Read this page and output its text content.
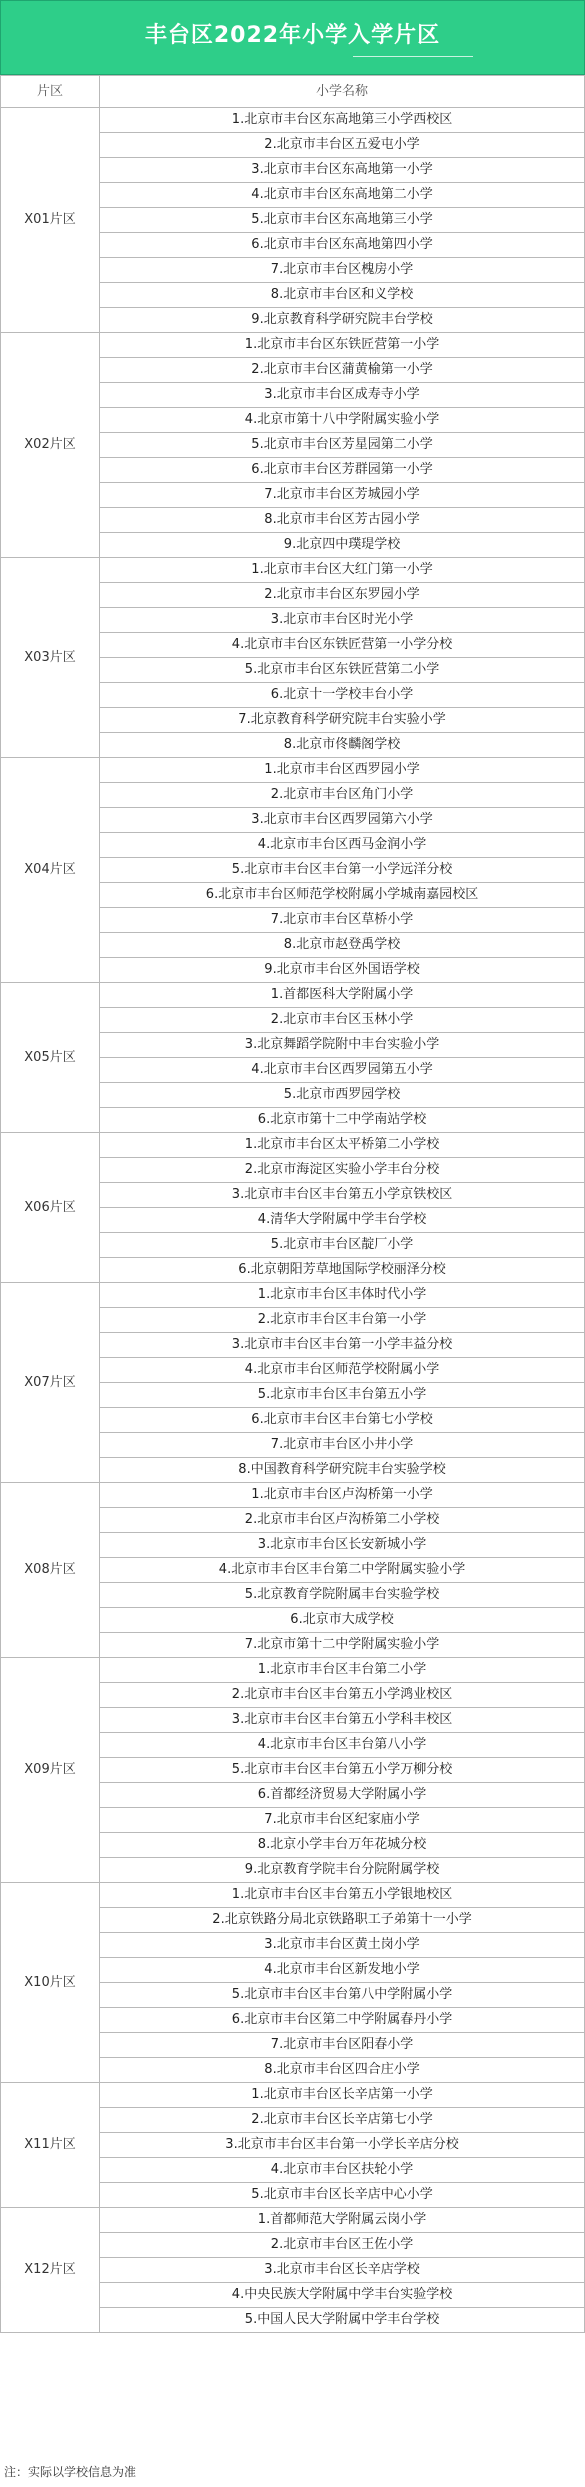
丰台区2022年小学入学片区
片区	小学名称
X01片区	1.北京市丰台区东高地第三小学西校区
	2.北京市丰台区五爱屯小学
	3.北京市丰台区东高地第一小学
	4.北京市丰台区东高地第二小学
	5.北京市丰台区东高地第三小学
	6.北京市丰台区东高地第四小学
	7.北京市丰台区槐房小学
	8.北京市丰台区和义学校
	9.北京教育科学研究院丰台学校
X02片区	1.北京市丰台区东铁匠营第一小学
	2.北京市丰台区蒲黄榆第一小学
	3.北京市丰台区成寿寺小学
	4.北京市第十八中学附属实验小学
	5.北京市丰台区芳星园第二小学
	6.北京市丰台区芳群园第一小学
	7.北京市丰台区芳城园小学
	8.北京市丰台区芳古园小学
	9.北京四中璞瑅学校
X03片区	1.北京市丰台区大红门第一小学
	2.北京市丰台区东罗园小学
	3.北京市丰台区时光小学
	4.北京市丰台区东铁匠营第一小学分校
	5.北京市丰台区东铁匠营第二小学
	6.北京十一学校丰台小学
	7.北京教育科学研究院丰台实验小学
	8.北京市佟麟阁学校
X04片区	1.北京市丰台区西罗园小学
	2.北京市丰台区角门小学
	3.北京市丰台区西罗园第六小学
	4.北京市丰台区西马金润小学
	5.北京市丰台区丰台第一小学远洋分校
	6.北京市丰台区师范学校附属小学城南嘉园校区
	7.北京市丰台区草桥小学
	8.北京市赵登禹学校
	9.北京市丰台区外国语学校
X05片区	1.首都医科大学附属小学
	2.北京市丰台区玉林小学
	3.北京舞蹈学院附中丰台实验小学
	4.北京市丰台区西罗园第五小学
	5.北京市西罗园学校
	6.北京市第十二中学南站学校
X06片区	1.北京市丰台区太平桥第二小学校
	2.北京市海淀区实验小学丰台分校
	3.北京市丰台区丰台第五小学京铁校区
	4.清华大学附属中学丰台学校
	5.北京市丰台区靛厂小学
	6.北京朝阳芳草地国际学校丽泽分校
X07片区	1.北京市丰台区丰体时代小学
	2.北京市丰台区丰台第一小学
	3.北京市丰台区丰台第一小学丰益分校
	4.北京市丰台区师范学校附属小学
	5.北京市丰台区丰台第五小学
	6.北京市丰台区丰台第七小学校
	7.北京市丰台区小井小学
	8.中国教育科学研究院丰台实验学校
X08片区	1.北京市丰台区卢沟桥第一小学
	2.北京市丰台区卢沟桥第二小学校
	3.北京市丰台区长安新城小学
	4.北京市丰台区丰台第二中学附属实验小学
	5.北京教育学院附属丰台实验学校
	6.北京市大成学校
	7.北京市第十二中学附属实验小学
X09片区	1.北京市丰台区丰台第二小学
	2.北京市丰台区丰台第五小学鸿业校区
	3.北京市丰台区丰台第五小学科丰校区
	4.北京市丰台区丰台第八小学
	5.北京市丰台区丰台第五小学万柳分校
	6.首都经济贸易大学附属小学
	7.北京市丰台区纪家庙小学
	8.北京小学丰台万年花城分校
	9.北京教育学院丰台分院附属学校
X10片区	1.北京市丰台区丰台第五小学银地校区
	2.北京铁路分局北京铁路职工子弟第十一小学
	3.北京市丰台区黄土岗小学
	4.北京市丰台区新发地小学
	5.北京市丰台区丰台第八中学附属小学
	6.北京市丰台区第二中学附属春丹小学
	7.北京市丰台区阳春小学
	8.北京市丰台区四合庄小学
X11片区	1.北京市丰台区长辛店第一小学
	2.北京市丰台区长辛店第七小学
	3.北京市丰台区丰台第一小学长辛店分校
	4.北京市丰台区扶轮小学
	5.北京市丰台区长辛店中心小学
X12片区	1.首都师范大学附属云岗小学
	2.北京市丰台区王佐小学
	3.北京市丰台区长辛店学校
	4.中央民族大学附属中学丰台实验学校
	5.中国人民大学附属中学丰台学校
注：实际以学校信息为准
